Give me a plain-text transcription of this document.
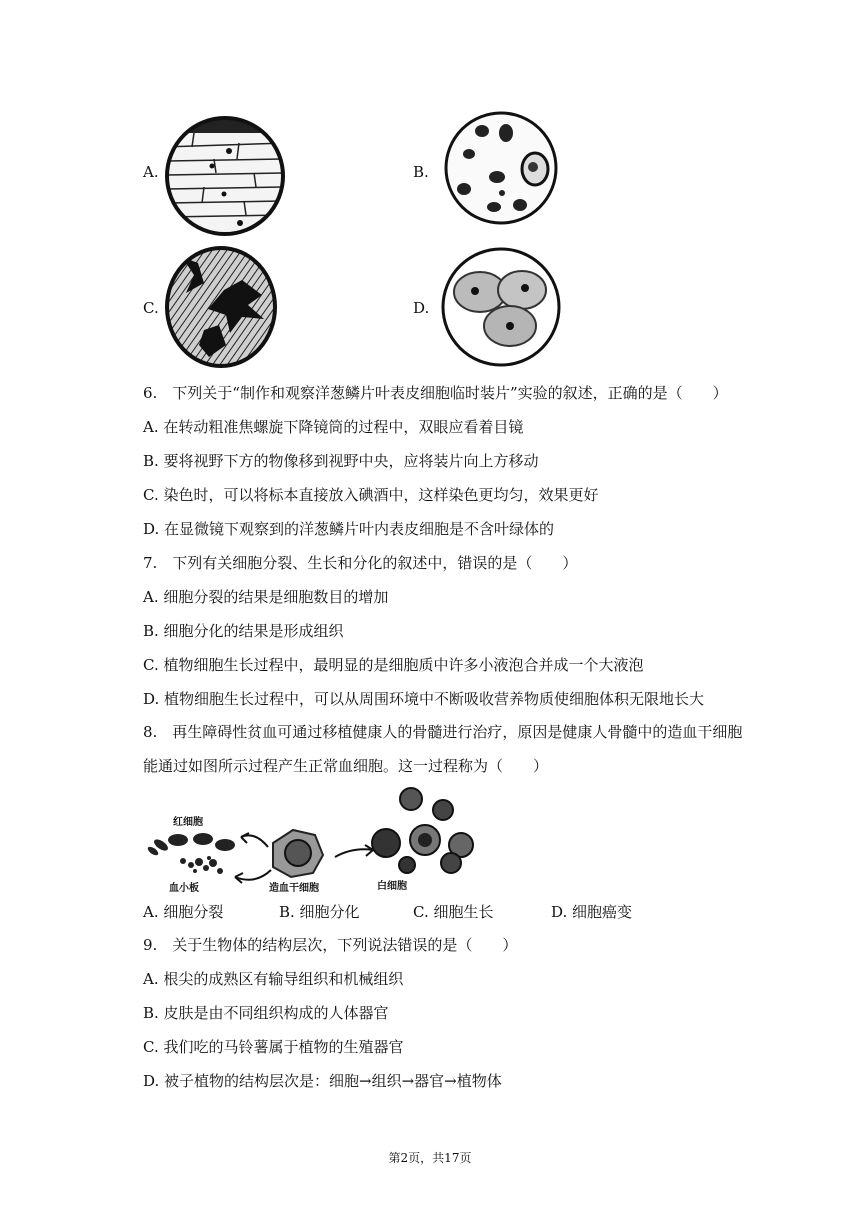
A.	B.
C.	D.
6.　下列关于“制作和观察洋葱鳞片叶表皮细胞临时装片”实验的叙述，正确的是（　　）
A. 在转动粗准焦螺旋下降镜筒的过程中，双眼应看着目镜
B. 要将视野下方的物像移到视野中央，应将装片向上方移动
C. 染色时，可以将标本直接放入碘酒中，这样染色更均匀，效果更好
D. 在显微镜下观察到的洋葱鳞片叶内表皮细胞是不含叶绿体的
7.　下列有关细胞分裂、生长和分化的叙述中，错误的是（　　）
A. 细胞分裂的结果是细胞数目的增加
B. 细胞分化的结果是形成组织
C. 植物细胞生长过程中，最明显的是细胞质中许多小液泡合并成一个大液泡
D. 植物细胞生长过程中，可以从周围环境中不断吸收营养物质使细胞体积无限地长大
8.　再生障碍性贫血可通过移植健康人的骨髓进行治疗，原因是健康人骨髓中的造血干细胞
能通过如图所示过程产生正常血细胞。这一过程称为（　　）
红细胞
血小板	造血干细胞	白细胞
A. 细胞分裂	B. 细胞分化	C. 细胞生长	D. 细胞癌变
9.　关于生物体的结构层次，下列说法错误的是（　　）
A. 根尖的成熟区有输导组织和机械组织
B. 皮肤是由不同组织构成的人体器官
C. 我们吃的马铃薯属于植物的生殖器官
D. 被子植物的结构层次是：细胞→组织→器官→植物体
第2页，共17页
